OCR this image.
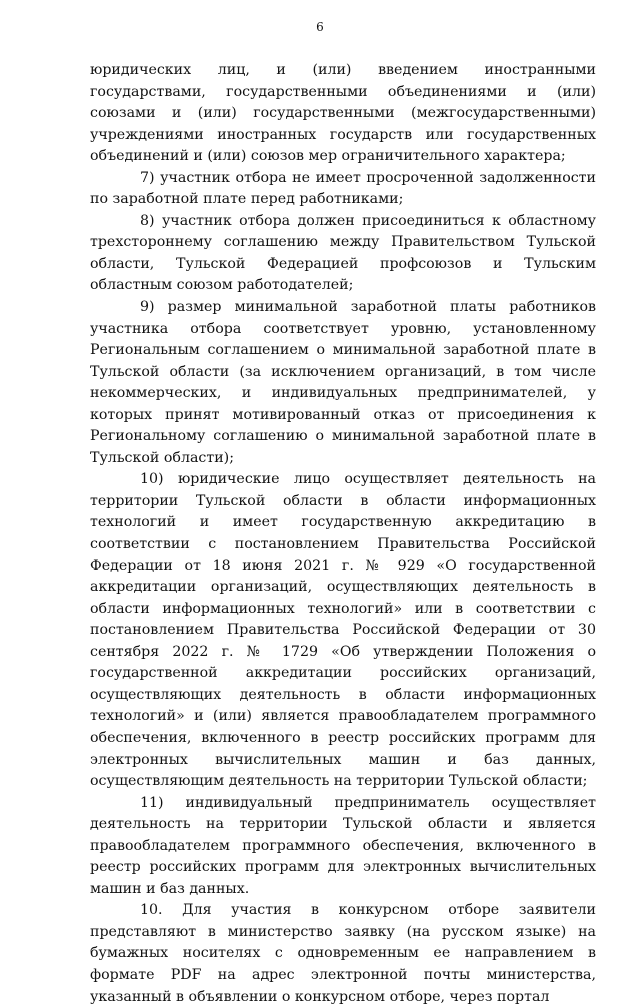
6

юридических лиц, и (или) введением иностранными государствами, государственными объединениями и (или) союзами и (или) государственными (межгосударственными) учреждениями иностранных государств или государственных объединений и (или) союзов мер ограничительного характера;

7) участник отбора не имеет просроченной задолженности по заработной плате перед работниками;

8) участник отбора должен присоединиться к областному трехстороннему соглашению между Правительством Тульской области, Тульской Федерацией профсоюзов и Тульским областным союзом работодателей;

9) размер минимальной заработной платы работников участника отбора соответствует уровню, установленному Региональным соглашением о минимальной заработной плате в Тульской области (за исключением организаций, в том числе некоммерческих, и индивидуальных предпринимателей, у которых принят мотивированный отказ от присоединения к Региональному соглашению о минимальной заработной плате в Тульской области);

10) юридические лицо осуществляет деятельность на территории Тульской области в области информационных технологий и имеет государственную аккредитацию в соответствии с постановлением Правительства Российской Федерации от 18 июня 2021 г. № 929 «О государственной аккредитации организаций, осуществляющих деятельность в области информационных технологий» или в соответствии с постановлением Правительства Российской Федерации от 30 сентября 2022 г. № 1729 «Об утверждении Положения о государственной аккредитации российских организаций, осуществляющих деятельность в области информационных технологий» и (или) является правообладателем программного обеспечения, включенного в реестр российских программ для электронных вычислительных машин и баз данных, осуществляющим деятельность на территории Тульской области;

11) индивидуальный предприниматель осуществляет деятельность на территории Тульской области и является правообладателем программного обеспечения, включенного в реестр российских программ для электронных вычислительных машин и баз данных.

10. Для участия в конкурсном отборе заявители представляют в министерство заявку (на русском языке) на бумажных носителях с одновременным ее направлением в формате PDF на адрес электронной почты министерства, указанный в объявлении о конкурсном отборе, через портал
